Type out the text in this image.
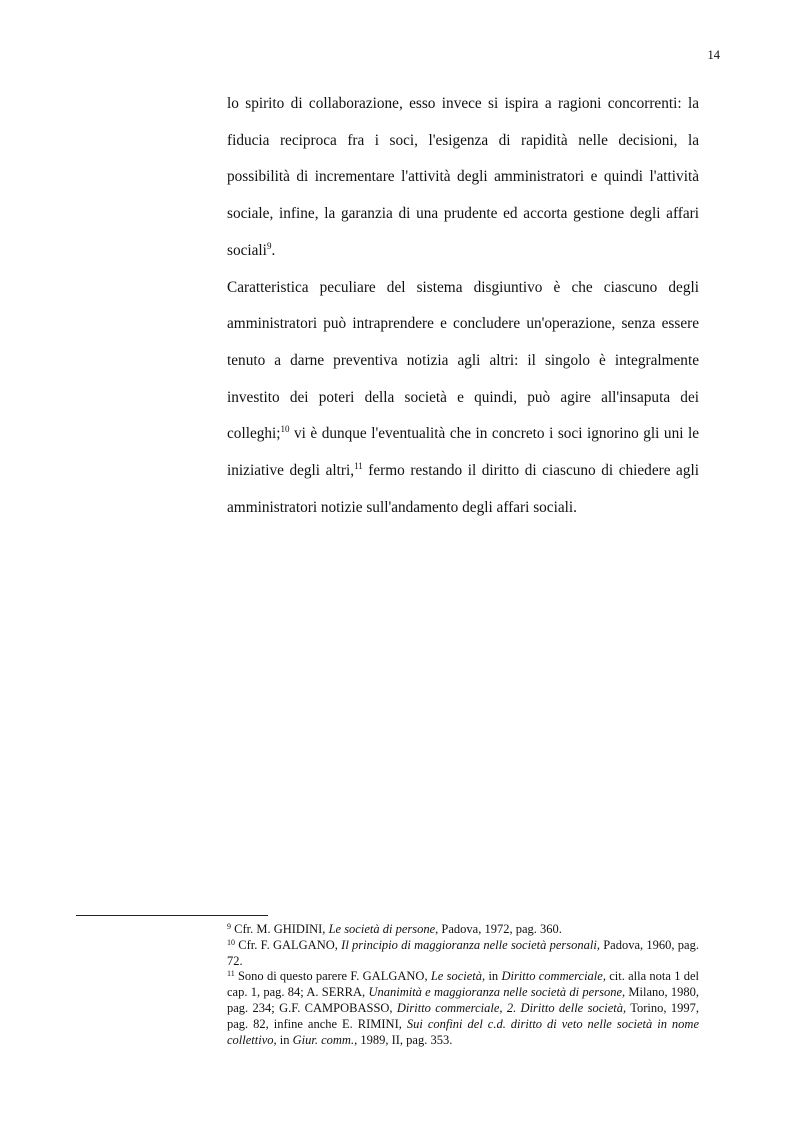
14

lo spirito di collaborazione, esso invece si ispira a ragioni concorrenti: la fiducia reciproca fra i soci, l'esigenza di rapidità nelle decisioni, la possibilità di incrementare l'attività degli amministratori e quindi l'attività sociale, infine, la garanzia di una prudente ed accorta gestione degli affari sociali$^9$.

Caratteristica peculiare del sistema disgiuntivo è che ciascuno degli amministratori può intraprendere e concludere un'operazione, senza essere tenuto a darne preventiva notizia agli altri: il singolo è integralmente investito dei poteri della società e quindi, può agire all'insaputa dei colleghi;$^{10}$ vi è dunque l'eventualità che in concreto i soci ignorino gli uni le iniziative degli altri,$^{11}$ fermo restando il diritto di ciascuno di chiedere agli amministratori notizie sull'andamento degli affari sociali.

$^9$ Cfr. M. GHIDINI, Le società di persone, Padova, 1972, pag. 360.

$^{10}$ Cfr. F. GALGANO, Il principio di maggioranza nelle società personali, Padova, 1960, pag. 72.

$^{11}$ Sono di questo parere F. GALGANO, Le società, in Diritto commerciale, cit. alla nota 1 del cap. 1, pag. 84; A. SERRA, Unanimità e maggioranza nelle società di persone, Milano, 1980, pag. 234; G.F. CAMPOBASSO, Diritto commerciale, 2. Diritto delle società, Torino, 1997, pag. 82, infine anche E. RIMINI, Sui confini del c.d. diritto di veto nelle società in nome collettivo, in Giur. comm., 1989, II, pag. 353.
